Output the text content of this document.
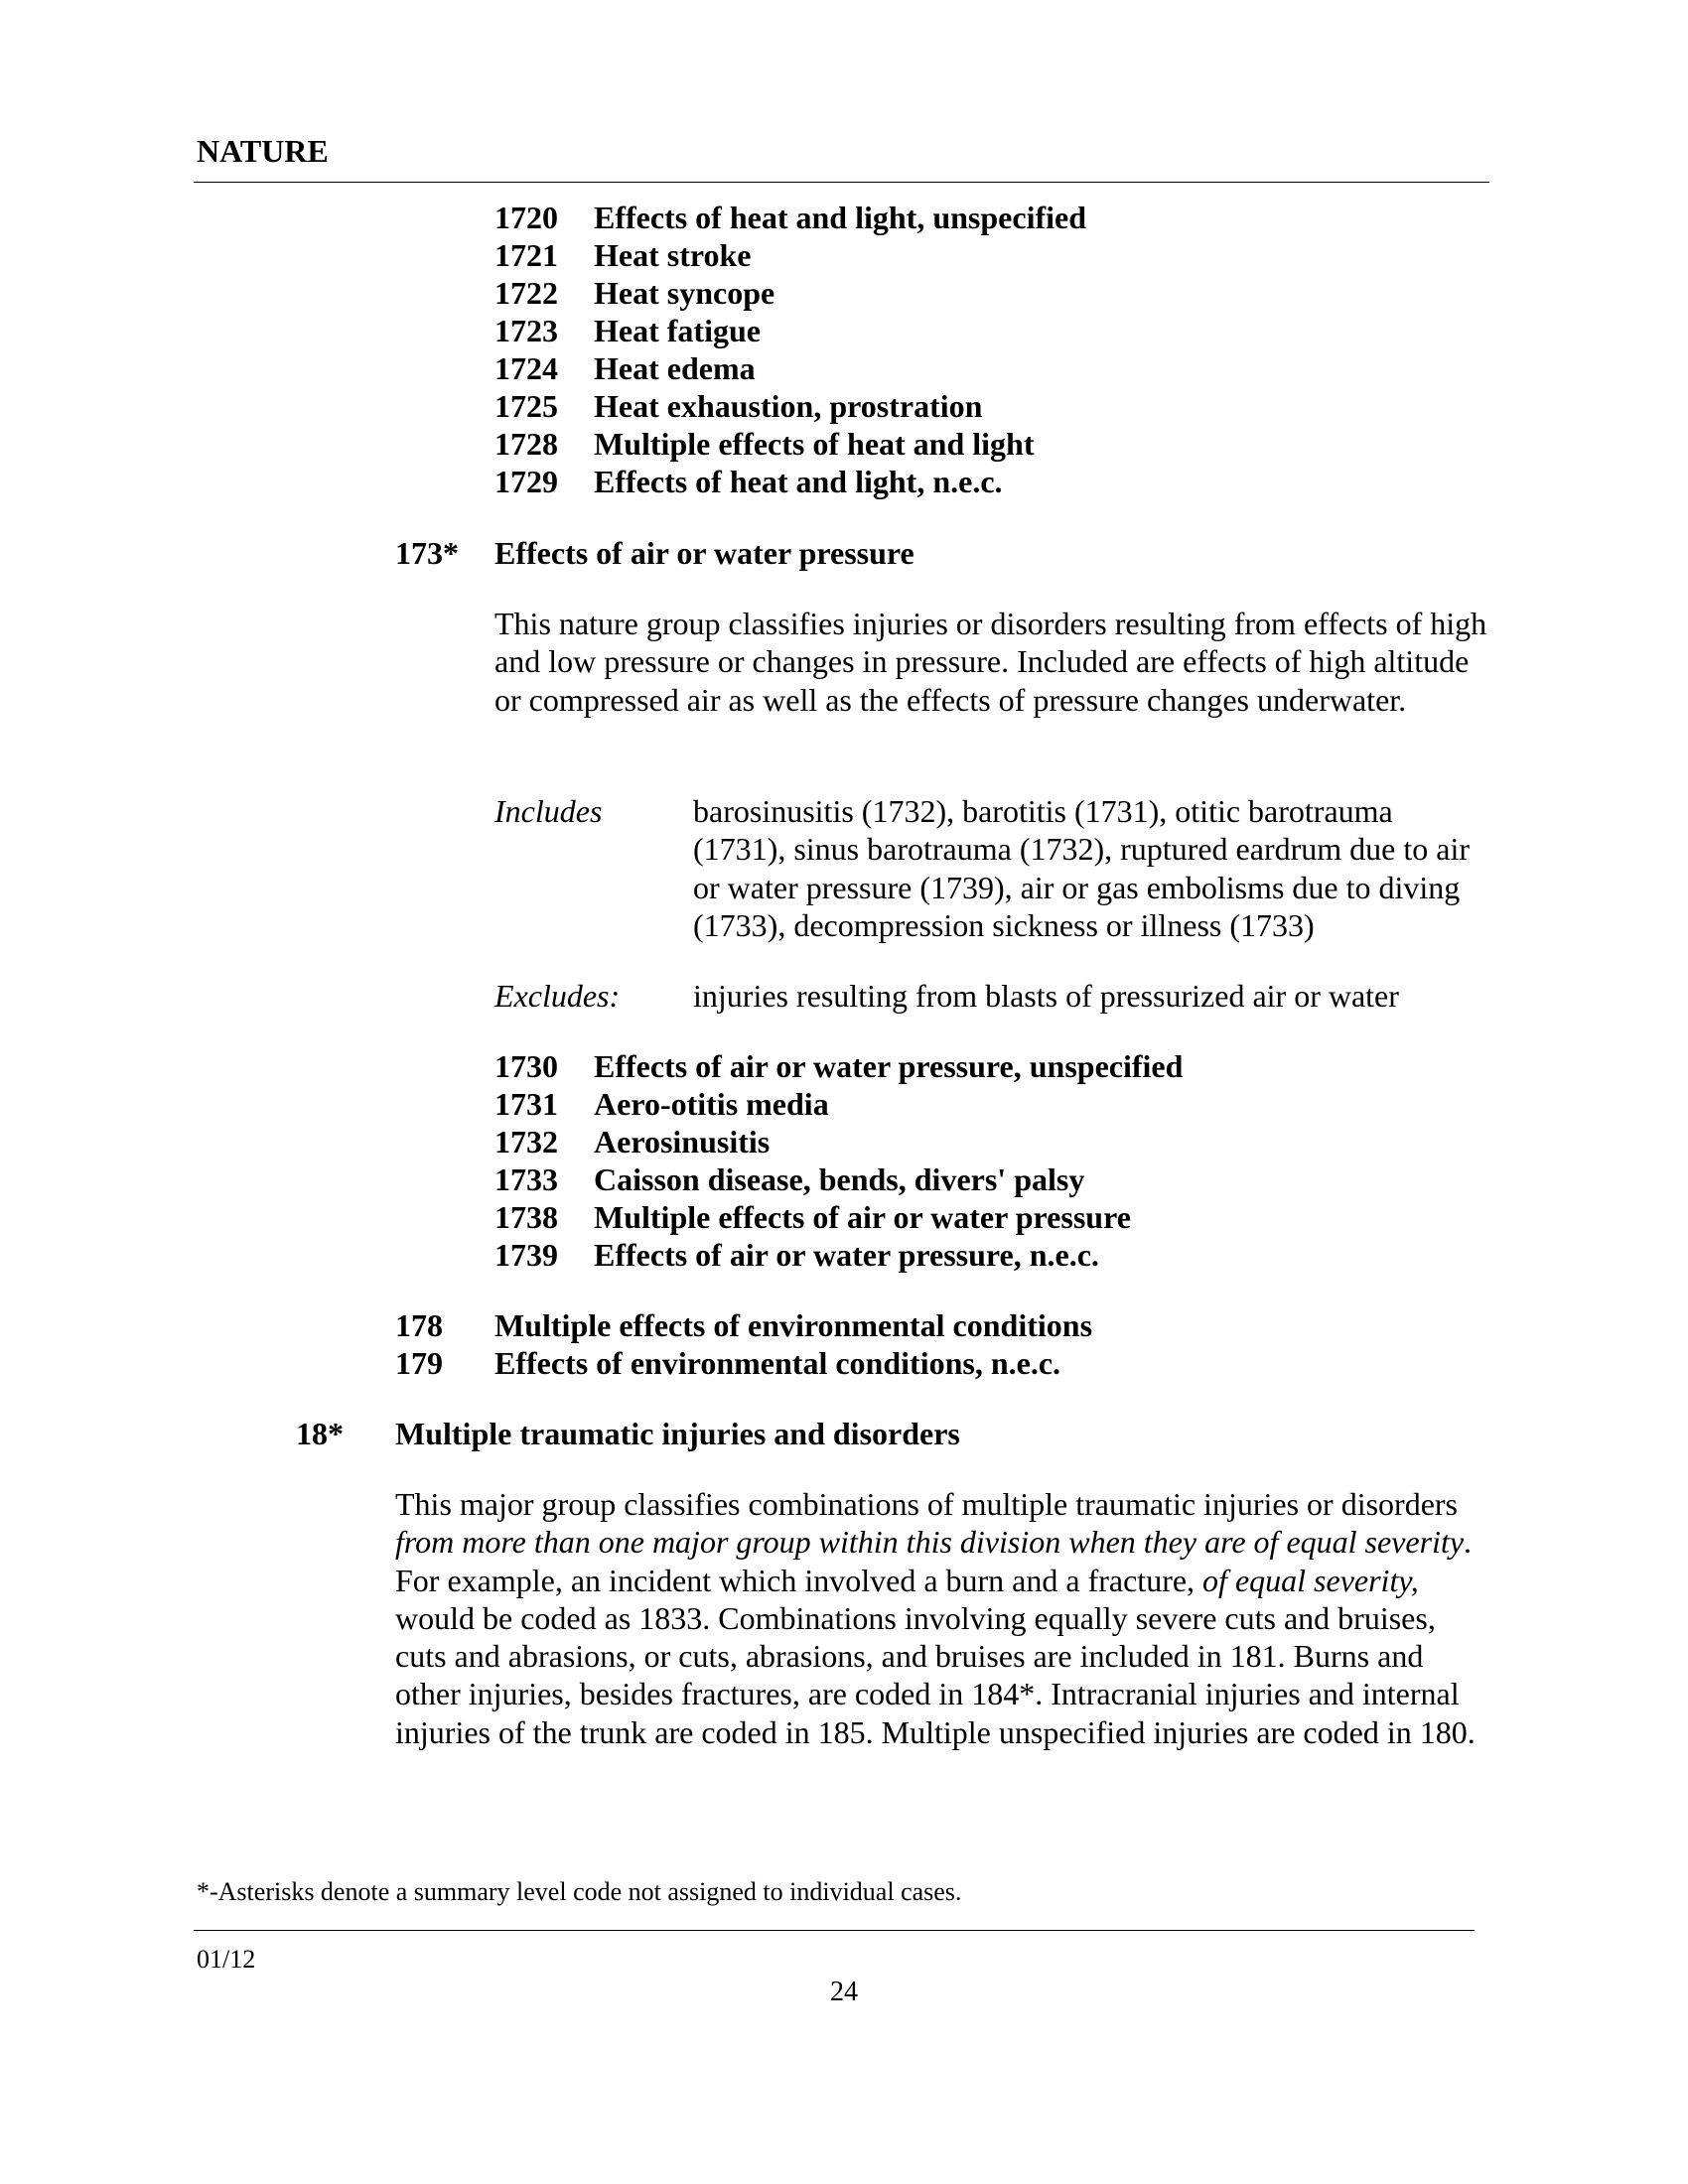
NATURE
1720 Effects of heat and light, unspecified
1721 Heat stroke
1722 Heat syncope
1723 Heat fatigue
1724 Heat edema
1725 Heat exhaustion, prostration
1728 Multiple effects of heat and light
1729 Effects of heat and light, n.e.c.
173* Effects of air or water pressure

This nature group classifies injuries or disorders resulting from effects of high and low pressure or changes in pressure. Included are effects of high altitude or compressed air as well as the effects of pressure changes underwater.

Includes	barosinusitis (1732), barotitis (1731), otitic barotrauma (1731), sinus barotrauma (1732), ruptured eardrum due to air or water pressure (1739), air or gas embolisms due to diving (1733), decompression sickness or illness (1733)
Excludes: injuries resulting from blasts of pressurized air or water
1730 Effects of air or water pressure, unspecified
1731 Aero-otitis media
1732 Aerosinusitis
1733 Caisson disease, bends, divers' palsy
1738 Multiple effects of air or water pressure
1739 Effects of air or water pressure, n.e.c.
178 Multiple effects of environmental conditions
179 Effects of environmental conditions, n.e.c.
18* Multiple traumatic injuries and disorders

This major group classifies combinations of multiple traumatic injuries or disorders from more than one major group within this division when they are of equal severity. For example, an incident which involved a burn and a fracture, of equal severity, would be coded as 1833. Combinations involving equally severe cuts and bruises, cuts and abrasions, or cuts, abrasions, and bruises are included in 181. Burns and other injuries, besides fractures, are coded in 184*. Intracranial injuries and internal injuries of the trunk are coded in 185. Multiple unspecified injuries are coded in 180.

*-Asterisks denote a summary level code not assigned to individual cases.
01/12
24
